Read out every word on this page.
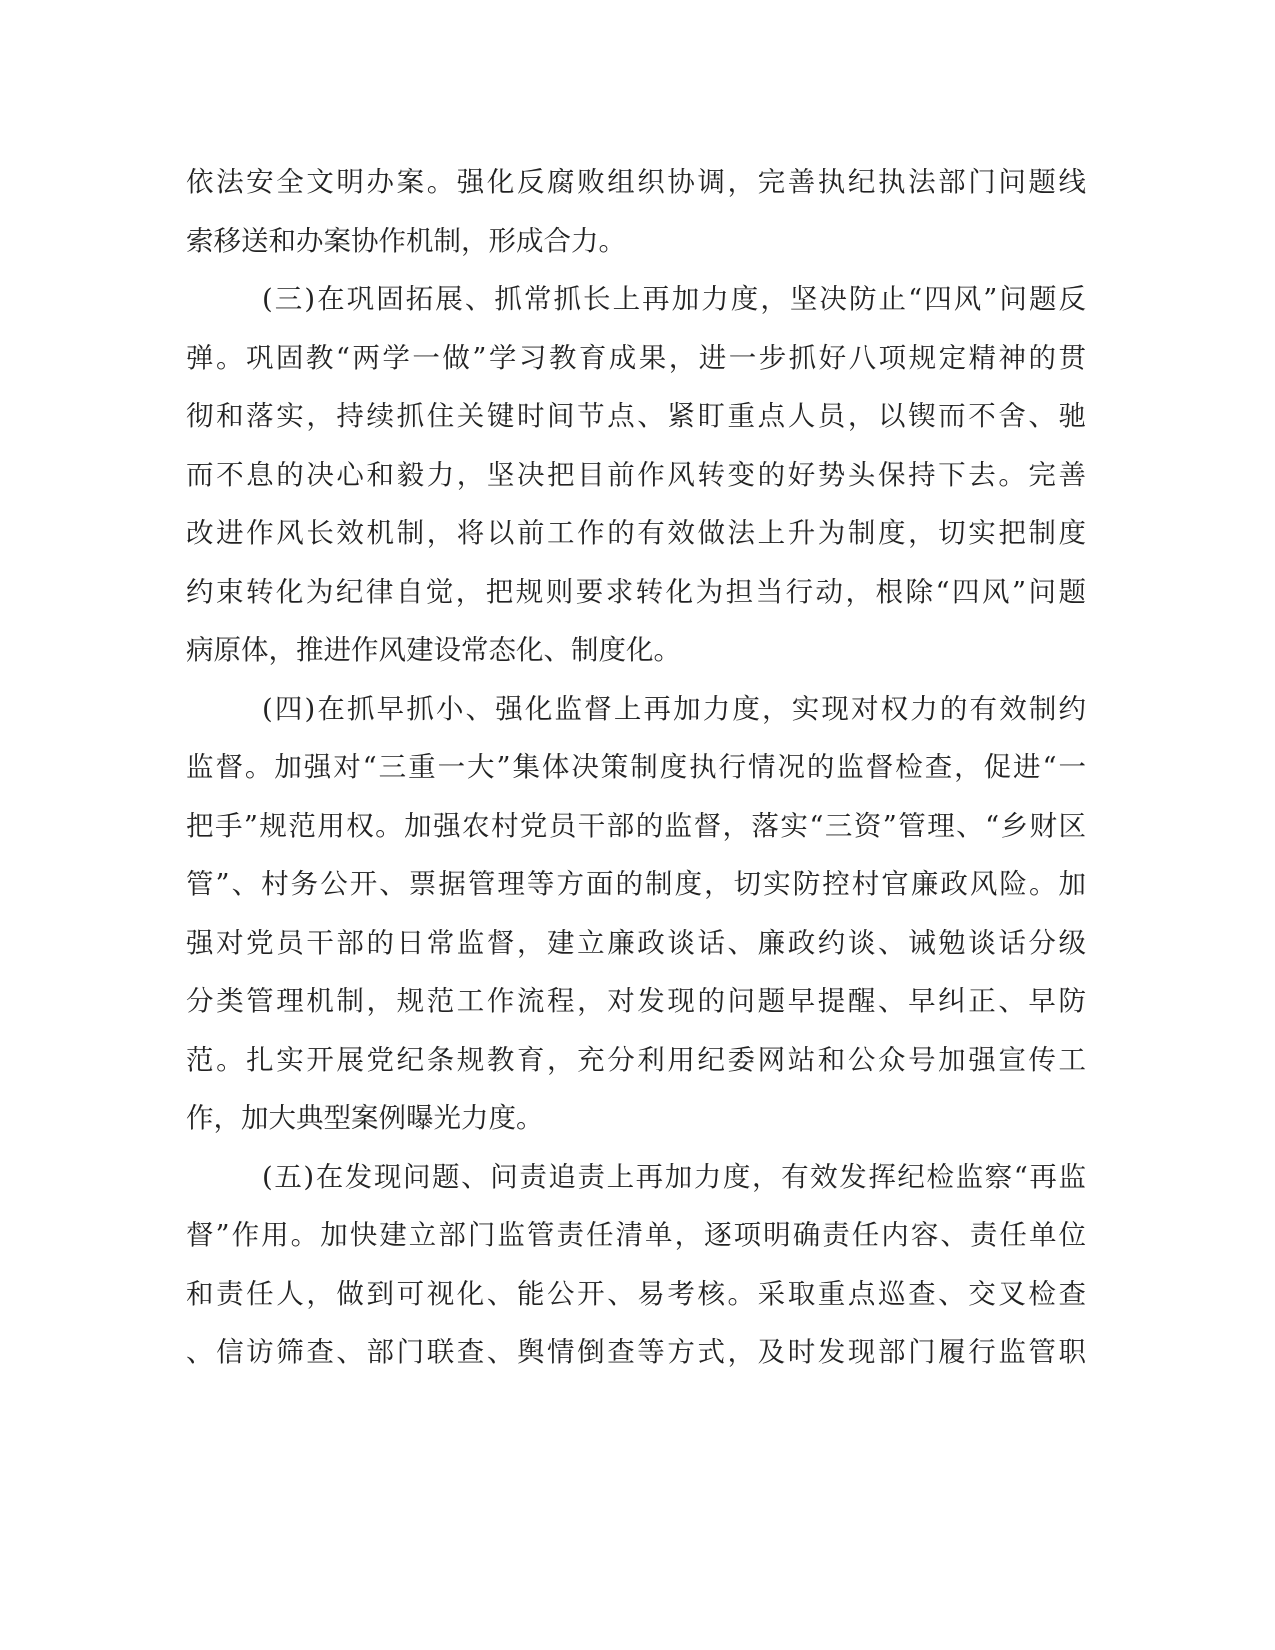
依法安全文明办案。强化反腐败组织协调，完善执纪执法部门问题线
索移送和办案协作机制，形成合力。
(三)在巩固拓展、抓常抓长上再加力度，坚决防止“四风”问题反
弹。巩固教“两学一做”学习教育成果，进一步抓好八项规定精神的贯
彻和落实，持续抓住关键时间节点、紧盯重点人员，以锲而不舍、驰
而不息的决心和毅力，坚决把目前作风转变的好势头保持下去。完善
改进作风长效机制，将以前工作的有效做法上升为制度，切实把制度
约束转化为纪律自觉，把规则要求转化为担当行动，根除“四风”问题
病原体，推进作风建设常态化、制度化。
(四)在抓早抓小、强化监督上再加力度，实现对权力的有效制约
监督。加强对“三重一大”集体决策制度执行情况的监督检查，促进“一
把手”规范用权。加强农村党员干部的监督，落实“三资”管理、“乡财区
管”、村务公开、票据管理等方面的制度，切实防控村官廉政风险。加
强对党员干部的日常监督，建立廉政谈话、廉政约谈、诫勉谈话分级
分类管理机制，规范工作流程，对发现的问题早提醒、早纠正、早防
范。扎实开展党纪条规教育，充分利用纪委网站和公众号加强宣传工
作，加大典型案例曝光力度。
(五)在发现问题、问责追责上再加力度，有效发挥纪检监察“再监
督”作用。加快建立部门监管责任清单，逐项明确责任内容、责任单位
和责任人，做到可视化、能公开、易考核。采取重点巡查、交叉检查
、信访筛查、部门联查、舆情倒查等方式，及时发现部门履行监管职
